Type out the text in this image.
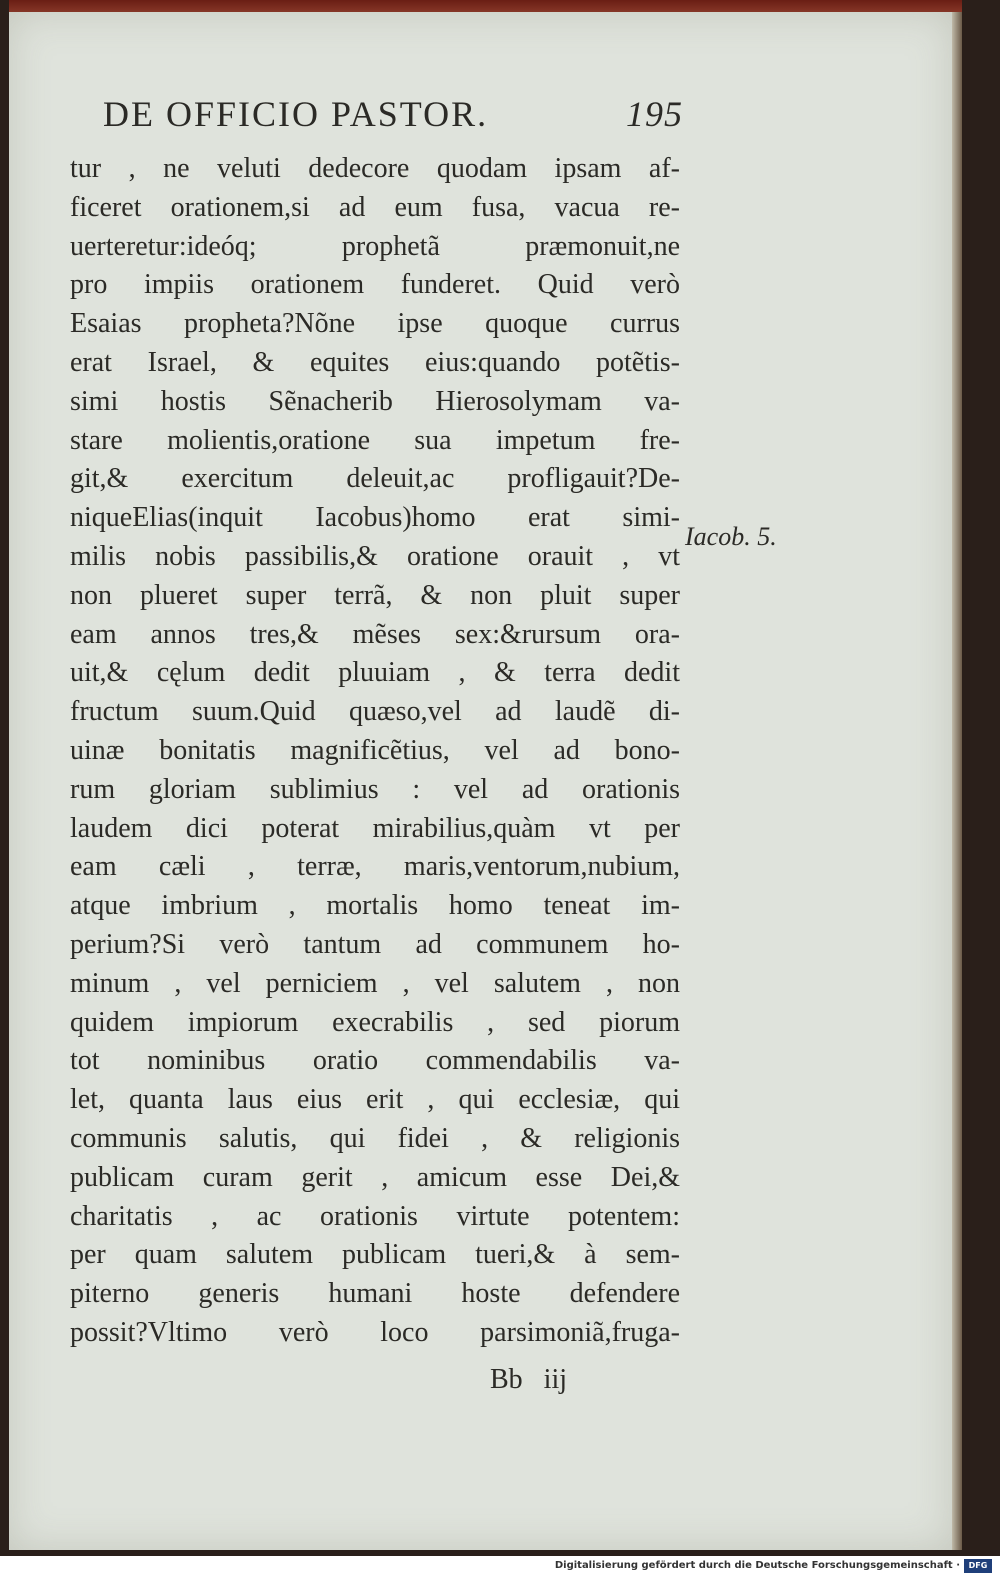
DE OFFICIO PASTOR.	195
tur , ne veluti dedecore quodam ipsam af-
ficeret orationem,si ad eum fusa, vacua re-
uerteretur:ideóq; prophetã præmonuit,ne
pro impiis orationem funderet. Quid verò
Esaias propheta?Nõne ipse quoque currus
erat Israel, & equites eius:quando potẽtis-
simi hostis Sẽnacherib Hierosolymam va-
stare molientis,oratione sua impetum fre-
git,& exercitum deleuit,ac profligauit?De-
niqueElias(inquit Iacobus)homo erat simi-
milis nobis passibilis,& oratione orauit , vt
non plueret super terrã, & non pluit super
eam annos tres,& mẽses sex:&rursum ora-
uit,& cęlum dedit pluuiam , & terra dedit
fructum suum.Quid quæso,vel ad laudẽ di-
uinæ bonitatis magnificẽtius, vel ad bono-
rum gloriam sublimius : vel ad orationis
laudem dici poterat mirabilius,quàm vt per
eam cæli , terræ, maris,ventorum,nubium,
atque imbrium , mortalis homo teneat im-
perium?Si verò tantum ad communem ho-
minum , vel perniciem , vel salutem , non
quidem impiorum execrabilis , sed piorum
tot nominibus oratio commendabilis va-
let, quanta laus eius erit , qui ecclesiæ, qui
communis salutis, qui fidei , & religionis
publicam curam gerit , amicum esse Dei,&
charitatis , ac orationis virtute potentem:
per quam salutem publicam tueri,& à sem-
piterno generis humani hoste defendere
possit?Vltimo verò loco parsimoniã,fruga-
Iacob. 5.
Bb iij
Digitalisierung gefördert durch die Deutsche Forschungsgemeinschaft ·	DFG
